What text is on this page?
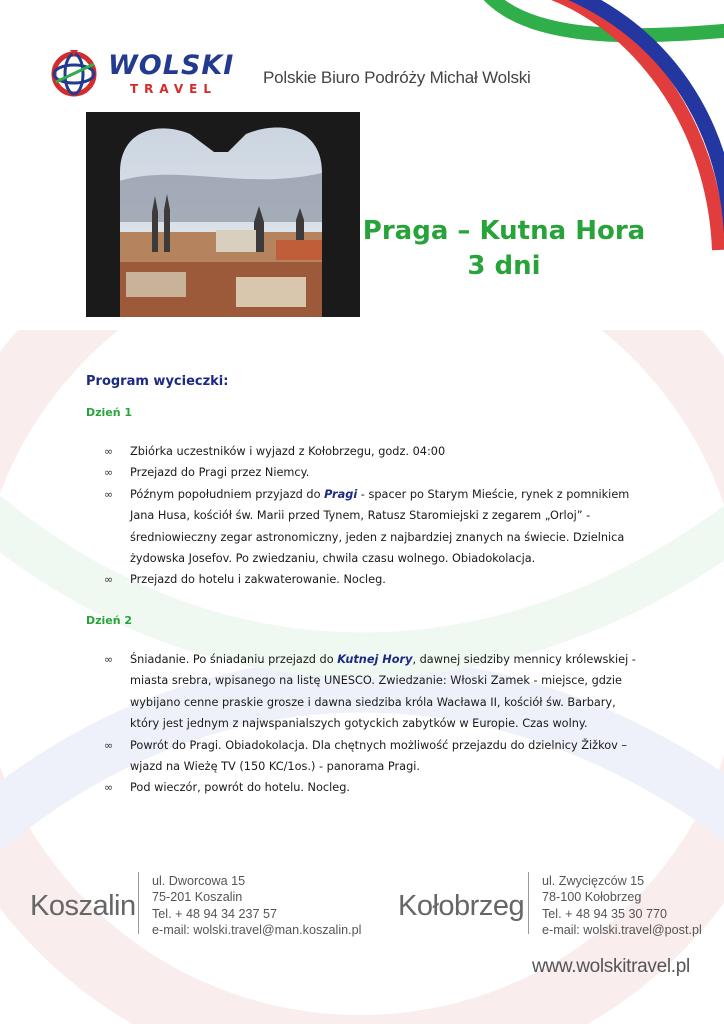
WOLSKI
TRAVEL
Polskie Biuro Podróży Michał Wolski
Praga – Kutna Hora
3 dni
Program wycieczki:
Dzień 1
∞ Zbiórka uczestników i wyjazd z Kołobrzegu, godz. 04:00
∞ Przejazd do Pragi przez Niemcy.
∞ Późnym popołudniem przyjazd do Pragi - spacer po Starym Mieście, rynek z pomnikiem Jana Husa, kościół św. Marii przed Tynem, Ratusz Staromiejski z zegarem „Orloj” - średniowieczny zegar astronomiczny, jeden z najbardziej znanych na świecie. Dzielnica żydowska Josefov. Po zwiedzaniu, chwila czasu wolnego. Obiadokolacja.
∞ Przejazd do hotelu i zakwaterowanie. Nocleg.
Dzień 2
∞ Śniadanie. Po śniadaniu przejazd do Kutnej Hory, dawnej siedziby mennicy królewskiej - miasta srebra, wpisanego na listę UNESCO. Zwiedzanie: Włoski Zamek - miejsce, gdzie wybijano cenne praskie grosze i dawna siedziba króla Wacława II, kościół św. Barbary, który jest jednym z najwspanialszych gotyckich zabytków w Europie. Czas wolny.
∞ Powrót do Pragi. Obiadokolacja. Dla chętnych możliwość przejazdu do dzielnicy Žižkov – wjazd na Wieżę TV (150 KC/1os.) - panorama Pragi.
∞ Pod wieczór, powrót do hotelu. Nocleg.
Koszalin
ul. Dworcowa 15
75-201 Koszalin
Tel. + 48 94 34 237 57
e-mail: wolski.travel@man.koszalin.pl
Kołobrzeg
ul. Zwycięzców 15
78-100 Kołobrzeg
Tel. + 48 94 35 30 770
e-mail: wolski.travel@post.pl
www.wolskitravel.pl
